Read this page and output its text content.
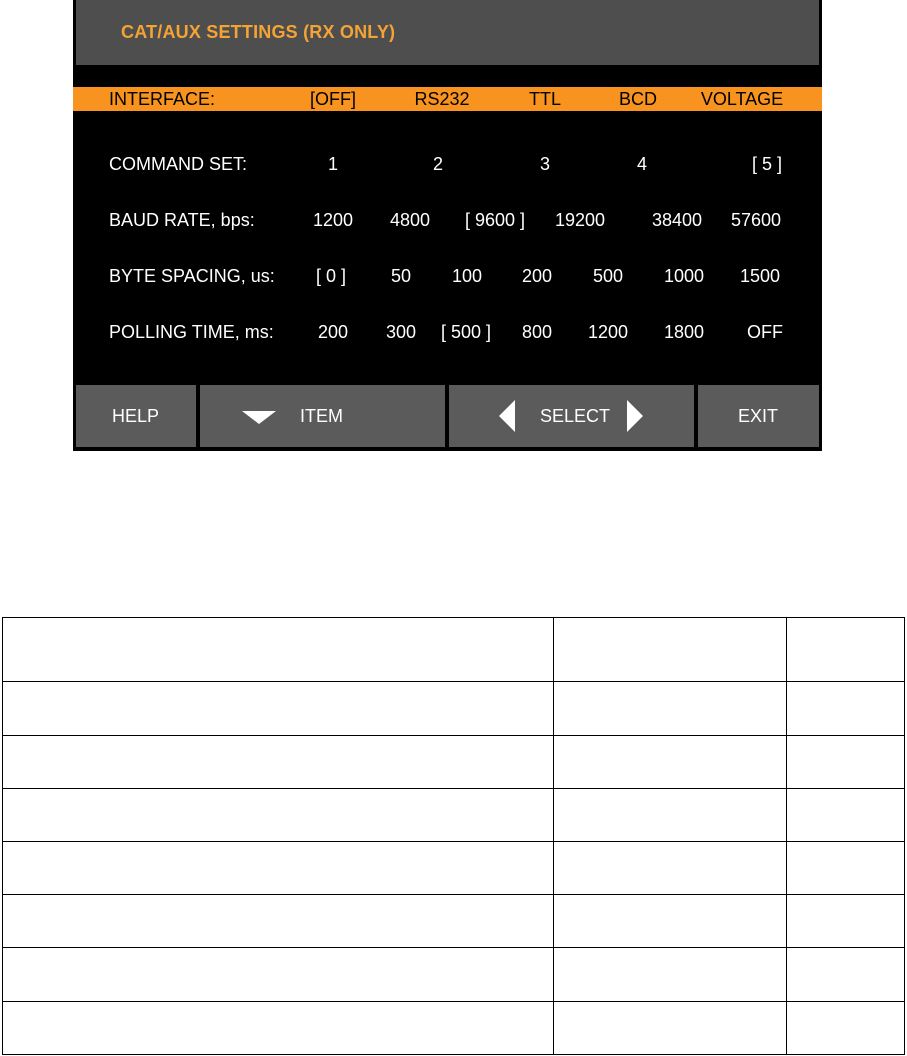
CAT/AUX SETTINGS (RX ONLY)
INTERFACE:	[OFF]	RS232	TTL	BCD VOLTAGE
COMMAND SET:	1	2	3	4	[ 5 ]
BAUD RATE, bps:	1200 4800 [ 9600 ] 19200	38400 57600
BYTE SPACING, us: [ 0 ] 50 100 200 500 1000 1500
POLLING TIME, ms: 200 300 [ 500 ] 800 1200 1800 OFF
HELP	ITEM	SELECT	EXIT
